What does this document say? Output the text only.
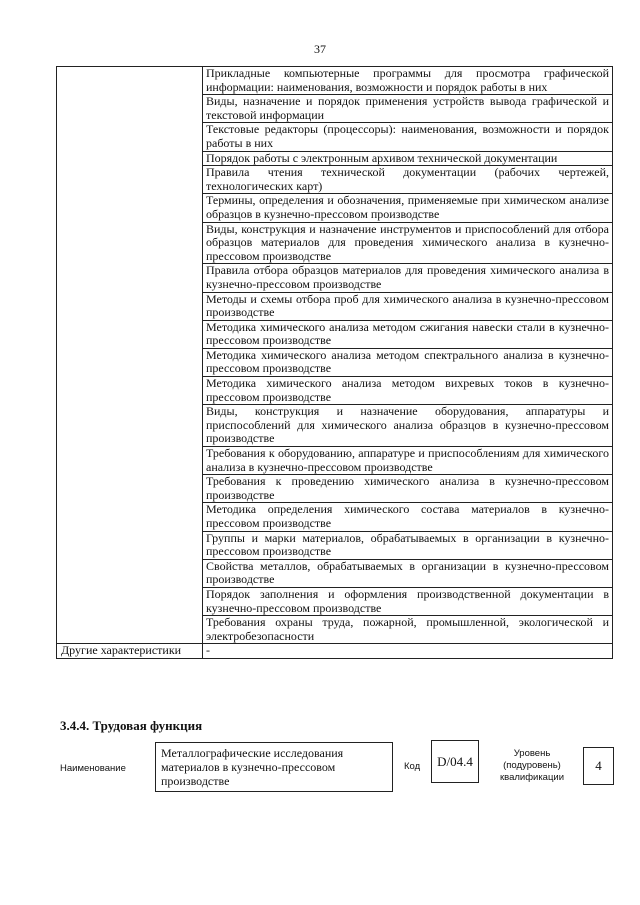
37
	Прикладные компьютерные программы для просмотра графической информации: наименования, возможности и порядок работы в них
	Виды, назначение и порядок применения устройств вывода графической и текстовой информации
	Текстовые редакторы (процессоры): наименования, возможности и порядок работы в них
	Порядок работы с электронным архивом технической документации
	Правила чтения технической документации (рабочих чертежей, технологических карт)
	Термины, определения и обозначения, применяемые при химическом анализе образцов в кузнечно-прессовом производстве
	Виды, конструкция и назначение инструментов и приспособлений для отбора образцов материалов для проведения химического анализа в кузнечно-прессовом производстве
	Правила отбора образцов материалов для проведения химического анализа в кузнечно-прессовом производстве
	Методы и схемы отбора проб для химического анализа в кузнечно-прессовом производстве
	Методика химического анализа методом сжигания навески стали в кузнечно-прессовом производстве
	Методика химического анализа методом спектрального анализа в кузнечно-прессовом производстве
	Методика химического анализа методом вихревых токов в кузнечно-прессовом производстве
	Виды, конструкция и назначение оборудования, аппаратуры и приспособлений для химического анализа образцов в кузнечно-прессовом производстве
	Требования к оборудованию, аппаратуре и приспособлениям для химического анализа в кузнечно-прессовом производстве
	Требования к проведению химического анализа в кузнечно-прессовом производстве
	Методика определения химического состава материалов в кузнечно-прессовом производстве
	Группы и марки материалов, обрабатываемых в организации в кузнечно-прессовом производстве
	Свойства металлов, обрабатываемых в организации в кузнечно-прессовом производстве
	Порядок заполнения и оформления производственной документации в кузнечно-прессовом производстве
	Требования охраны труда, пожарной, промышленной, экологической и электробезопасности
Другие характеристики	-
3.4.4. Трудовая функция
Наименование
Металлографические исследования материалов в кузнечно-прессовом производстве
Код	D/04.4	Уровень (подуровень) квалификации
4
